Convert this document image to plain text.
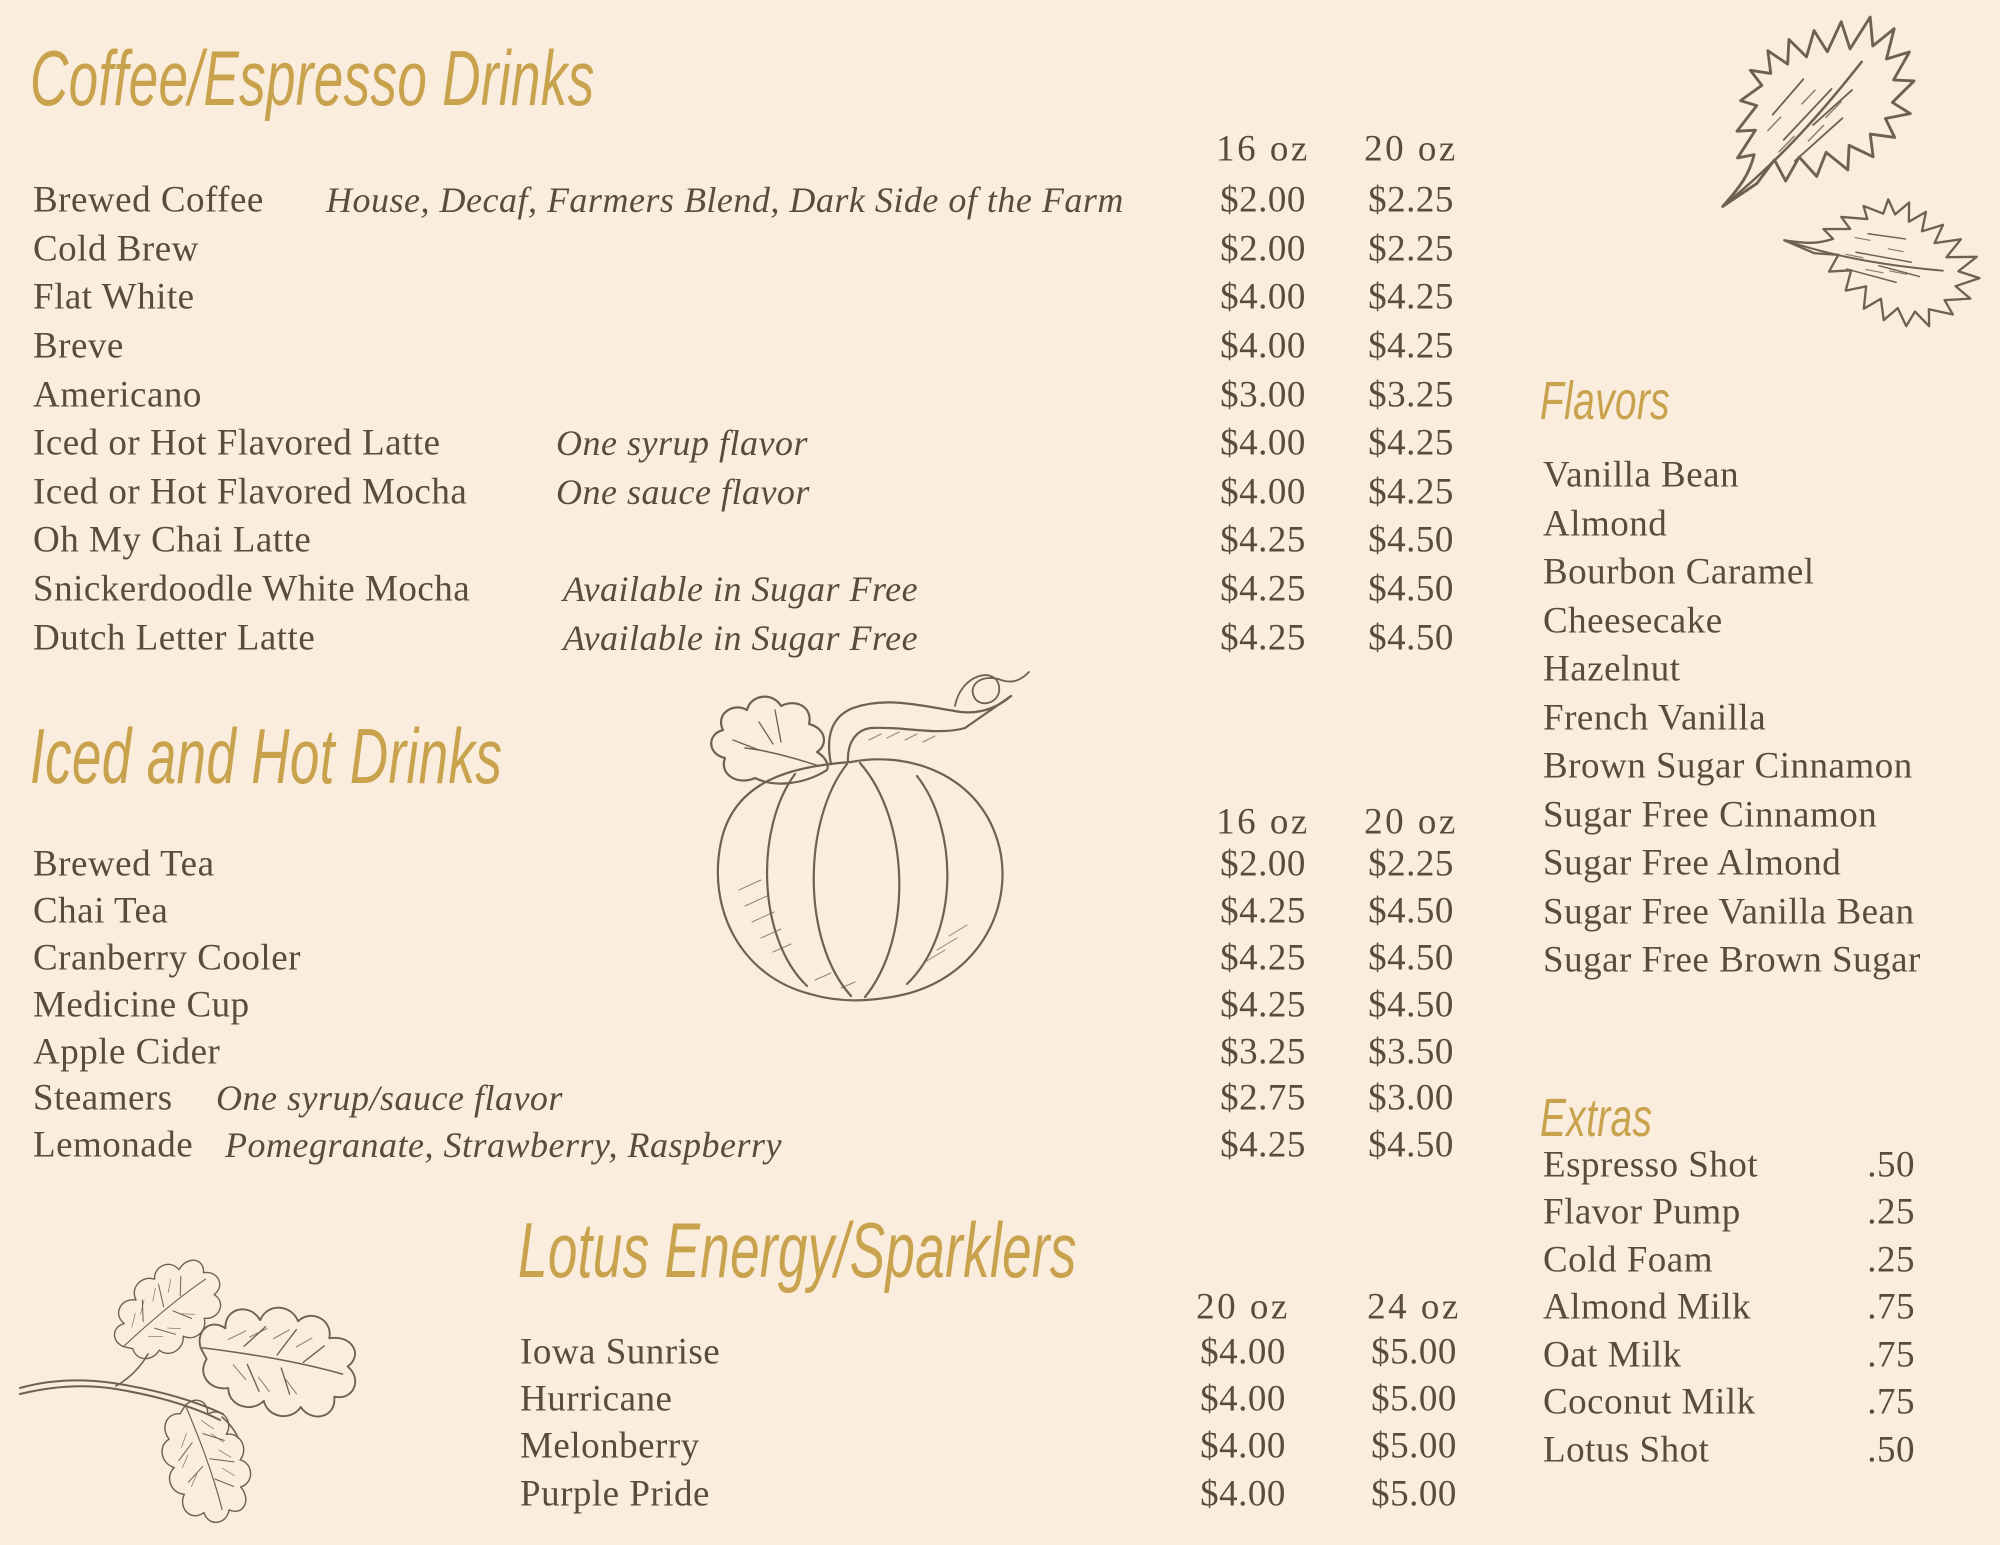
Coffee/Espresso Drinks
16 oz	20 oz
Brewed Coffee House, Decaf, Farmers Blend, Dark Side of the Farm	$2.00	$2.25
Cold Brew	$2.00	$2.25
Flat White	$4.00	$4.25
Breve	$4.00	$4.25
Americano	$3.00	$3.25
Iced or Hot Flavored Latte	One syrup flavor	$4.00	$4.25
Iced or Hot Flavored Mocha One sauce flavor	$4.00	$4.25
Oh My Chai Latte	$4.25	$4.50
Snickerdoodle White Mocha	Available in Sugar Free	$4.25	$4.50
Dutch Letter Latte	Available in Sugar Free	$4.25	$4.50
Iced and Hot Drinks
16 oz	20 oz
Brewed Tea	$2.00	$2.25
Chai Tea	$4.25	$4.50
Cranberry Cooler	$4.25	$4.50
Medicine Cup	$4.25	$4.50
Apple Cider	$3.25	$3.50
Steamers One syrup/sauce flavor	$2.75	$3.00
Lemonade Pomegranate, Strawberry, Raspberry	$4.25	$4.50
Lotus Energy/Sparklers
20 oz	24 oz
Iowa Sunrise	$4.00	$5.00
Hurricane	$4.00	$5.00
Melonberry	$4.00	$5.00
Purple Pride	$4.00	$5.00
Flavors
Vanilla Bean
Almond
Bourbon Caramel
Cheesecake
Hazelnut
French Vanilla
Brown Sugar Cinnamon
Sugar Free Cinnamon
Sugar Free Almond
Sugar Free Vanilla Bean
Sugar Free Brown Sugar
Extras
Espresso Shot	.50
Flavor Pump	.25
Cold Foam	.25
Almond Milk	.75
Oat Milk	.75
Coconut Milk	.75
Lotus Shot	.50
